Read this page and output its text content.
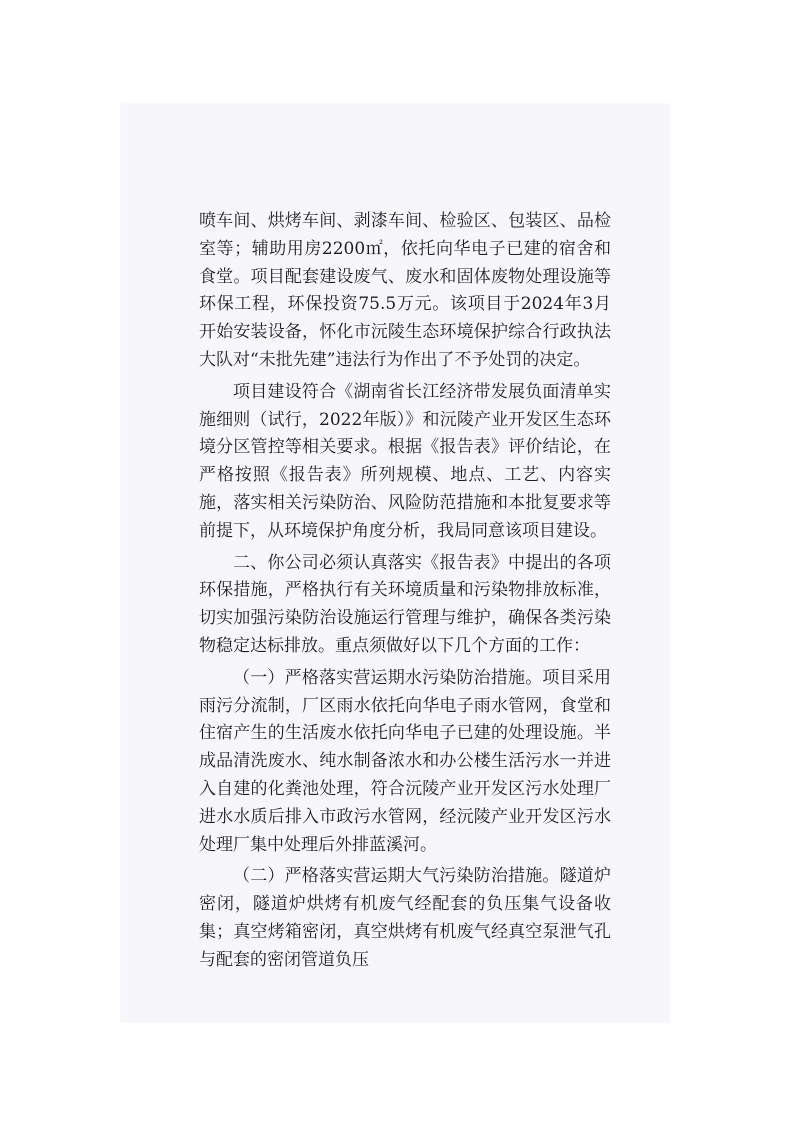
喷车间、烘烤车间、剥漆车间、检验区、包装区、品检室等；辅助用房2200㎡，依托向华电子已建的宿舍和食堂。项目配套建设废气、废水和固体废物处理设施等环保工程，环保投资75.5万元。该项目于2024年3月开始安装设备，怀化市沅陵生态环境保护综合行政执法大队对“未批先建”违法行为作出了不予处罚的决定。

项目建设符合《湖南省长江经济带发展负面清单实施细则（试行，2022年版）》和沅陵产业开发区生态环境分区管控等相关要求。根据《报告表》评价结论，在严格按照《报告表》所列规模、地点、工艺、内容实施，落实相关污染防治、风险防范措施和本批复要求等前提下，从环境保护角度分析，我局同意该项目建设。

二、你公司必须认真落实《报告表》中提出的各项环保措施，严格执行有关环境质量和污染物排放标准，切实加强污染防治设施运行管理与维护，确保各类污染物稳定达标排放。重点须做好以下几个方面的工作：

（一）严格落实营运期水污染防治措施。项目采用雨污分流制，厂区雨水依托向华电子雨水管网，食堂和住宿产生的生活废水依托向华电子已建的处理设施。半成品清洗废水、纯水制备浓水和办公楼生活污水一并进入自建的化粪池处理，符合沅陵产业开发区污水处理厂进水水质后排入市政污水管网，经沅陵产业开发区污水处理厂集中处理后外排蓝溪河。

（二）严格落实营运期大气污染防治措施。隧道炉密闭，隧道炉烘烤有机废气经配套的负压集气设备收集；真空烤箱密闭，真空烘烤有机废气经真空泵泄气孔与配套的密闭管道负压
